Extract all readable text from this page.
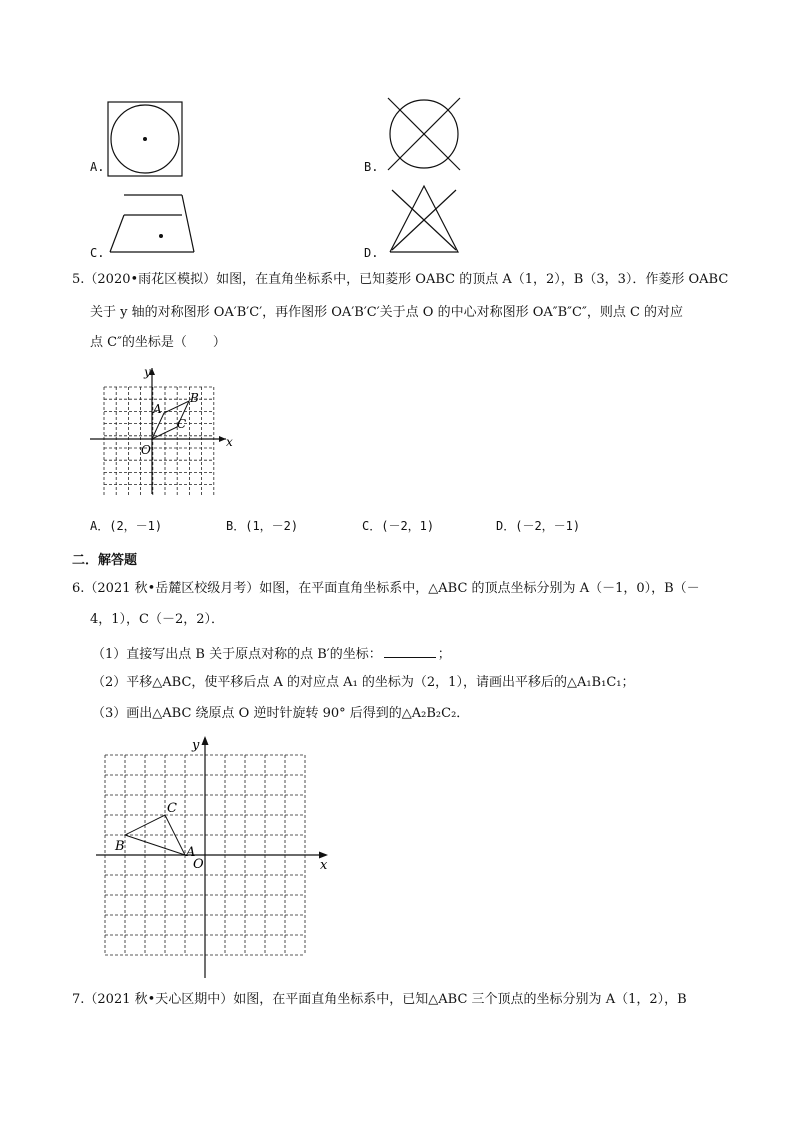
A.	B.
C.	D.
5.（2020•雨花区模拟）如图，在直角坐标系中，已知菱形 OABC 的顶点 A（1，2），B（3，3）．作菱形 OABC
关于 y 轴的对称图形 OA′B′C′，再作图形 OA′B′C′关于点 O 的中心对称图形 OA″B″C″，则点 C 的对应
点 C″的坐标是（　　）
y
x
O
A
B
C
A．(2，－1)	B．(1，－2)	C．(－2，1)	D．(－2，－1)
二．解答题
6.（2021 秋•岳麓区校级月考）如图，在平面直角坐标系中，△ABC 的顶点坐标分别为 A（－1，0），B（－
4，1），C（－2，2）．
（1）直接写出点 B 关于原点对称的点 B′的坐标：	；
（2）平移△ABC，使平移后点 A 的对应点 A₁ 的坐标为（2，1），请画出平移后的△A₁B₁C₁；
（3）画出△ABC 绕原点 O 逆时针旋转 90° 后得到的△A₂B₂C₂．
y
x
O
A
B
C
7.（2021 秋•天心区期中）如图，在平面直角坐标系中，已知△ABC 三个顶点的坐标分别为 A（1，2），B
